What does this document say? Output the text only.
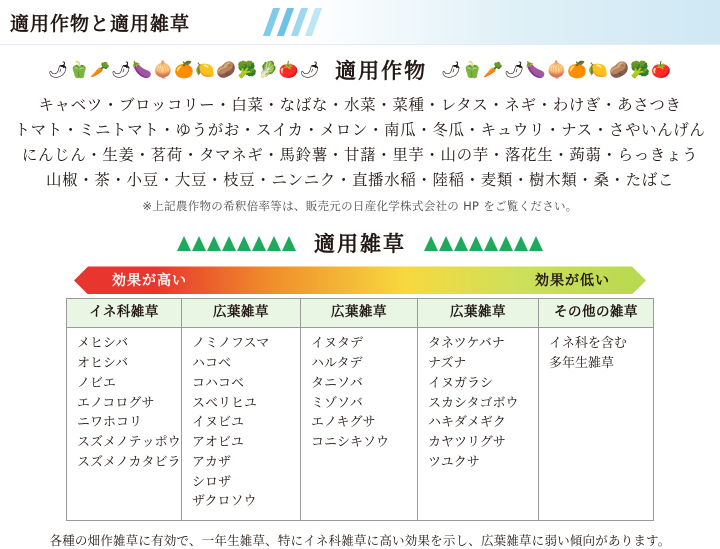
適用作物と適用雑草
🌶🫑🥕🌶🍆🧅🍊🍋🥔🥦🥬🍅🌶 適用作物 🌶🫑🥕🌶🍆🧅🍊🍋🥔🥦🍅
キャベツ・ブロッコリー・白菜・なばな・水菜・菜種・レタス・ネギ・わけぎ・あさつき
トマト・ミニトマト・ゆうがお・スイカ・メロン・南瓜・冬瓜・キュウリ・ナス・さやいんげん
にんじん・生姜・茗荷・タマネギ・馬鈴薯・甘藷・里芋・山の芋・落花生・蒟蒻・らっきょう
山椒・茶・小豆・大豆・枝豆・ニンニク・直播水稲・陸稲・麦類・樹木類・桑・たばこ
※上記農作物の希釈倍率等は、販売元の日産化学株式会社の HP をご覧ください。
適用雑草
効果が高い	効果が低い
イネ科雑草	広葉雑草	広葉雑草	広葉雑草	その他の雑草

メヒシバ
オヒシバ
ノビエ
エノコログサ
ニワホコリ
スズメノテッポウ
スズメノカタビラ

ノミノフスマ
ハコベ
コハコベ
スベリヒユ
イヌビユ
アオビユ
アカザ
シロザ
ザクロソウ

イヌタデ
ハルタデ
タニソバ
ミゾソバ
エノキグサ
コニシキソウ

タネツケバナ
ナズナ
イヌガラシ
スカシタゴボウ
ハキダメギク
カヤツリグサ
ツユクサ

イネ科を含む
多年生雑草
各種の畑作雑草に有効で、一年生雑草、特にイネ科雑草に高い効果を示し、広葉雑草に弱い傾向があります。
